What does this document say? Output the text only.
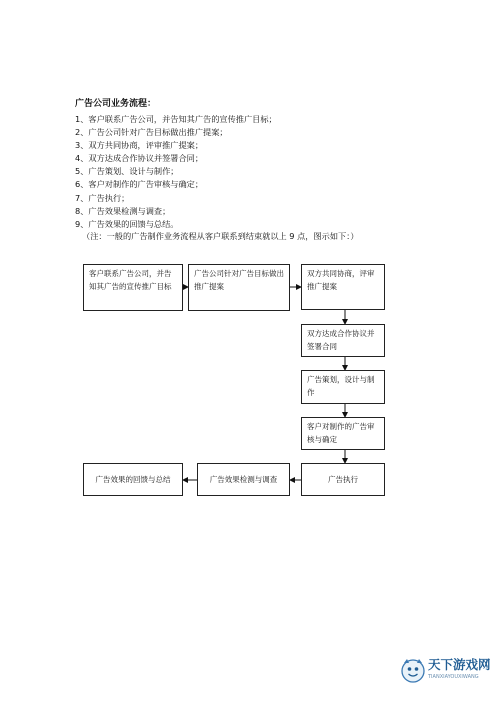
广告公司业务流程：
1、客户联系广告公司，并告知其广告的宣传推广目标；
2、广告公司针对广告目标做出推广提案；
3、双方共同协商，评审推广提案；
4、双方达成合作协议并签署合同；
5、广告策划、设计与制作；
6、客户对制作的广告审核与确定；
7、广告执行；
8、广告效果检测与调查；
9、广告效果的回馈与总结。
（注：一般的广告制作业务流程从客户联系到结束就以上 9 点，图示如下：）
客户联系广告公司，并告知其广告的宣传推广目标
广告公司针对广告目标做出推广提案
双方共同协商，评审推广提案
双方达成合作协议并签署合同
广告策划，设计与制作
客户对制作的广告审核与确定
广告执行
广告效果检测与调查
广告效果的回馈与总结
天下游戏网
TIANXIAYOUXIWANG
